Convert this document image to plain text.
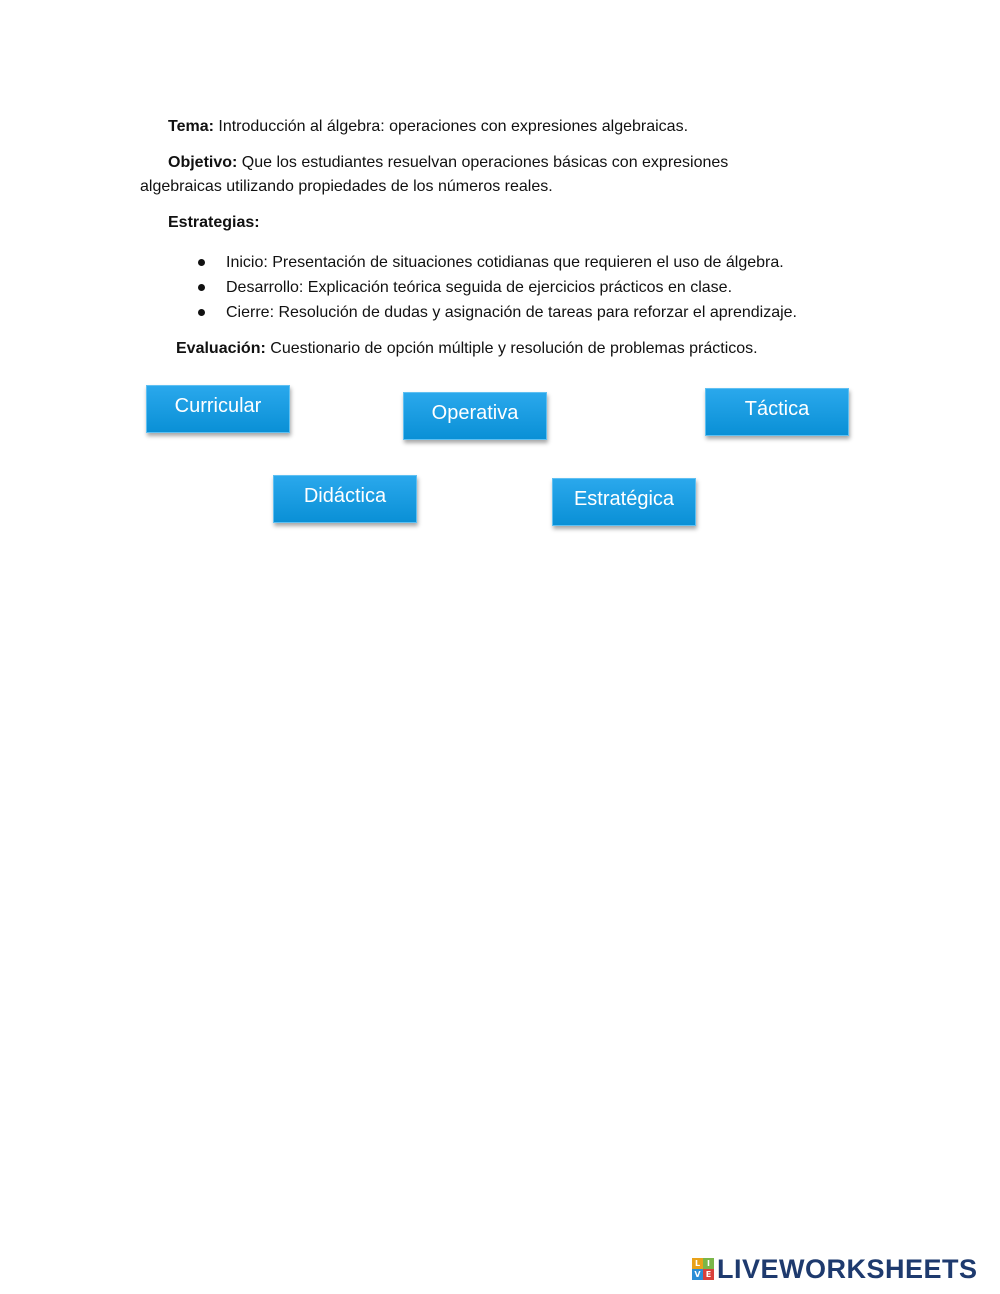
Tema: Introducción al álgebra: operaciones con expresiones algebraicas.

Objetivo: Que los estudiantes resuelvan operaciones básicas con expresiones
algebraicas utilizando propiedades de los números reales.

Estrategias:

Inicio: Presentación de situaciones cotidianas que requieren el uso de álgebra.
Desarrollo: Explicación teórica seguida de ejercicios prácticos en clase.
Cierre: Resolución de dudas y asignación de tareas para reforzar el aprendizaje.

Evaluación: Cuestionario de opción múltiple y resolución de problemas prácticos.

Curricular	Operativa	Táctica
Didáctica	Estratégica
L I
V E LIVEWORKSHEETS
